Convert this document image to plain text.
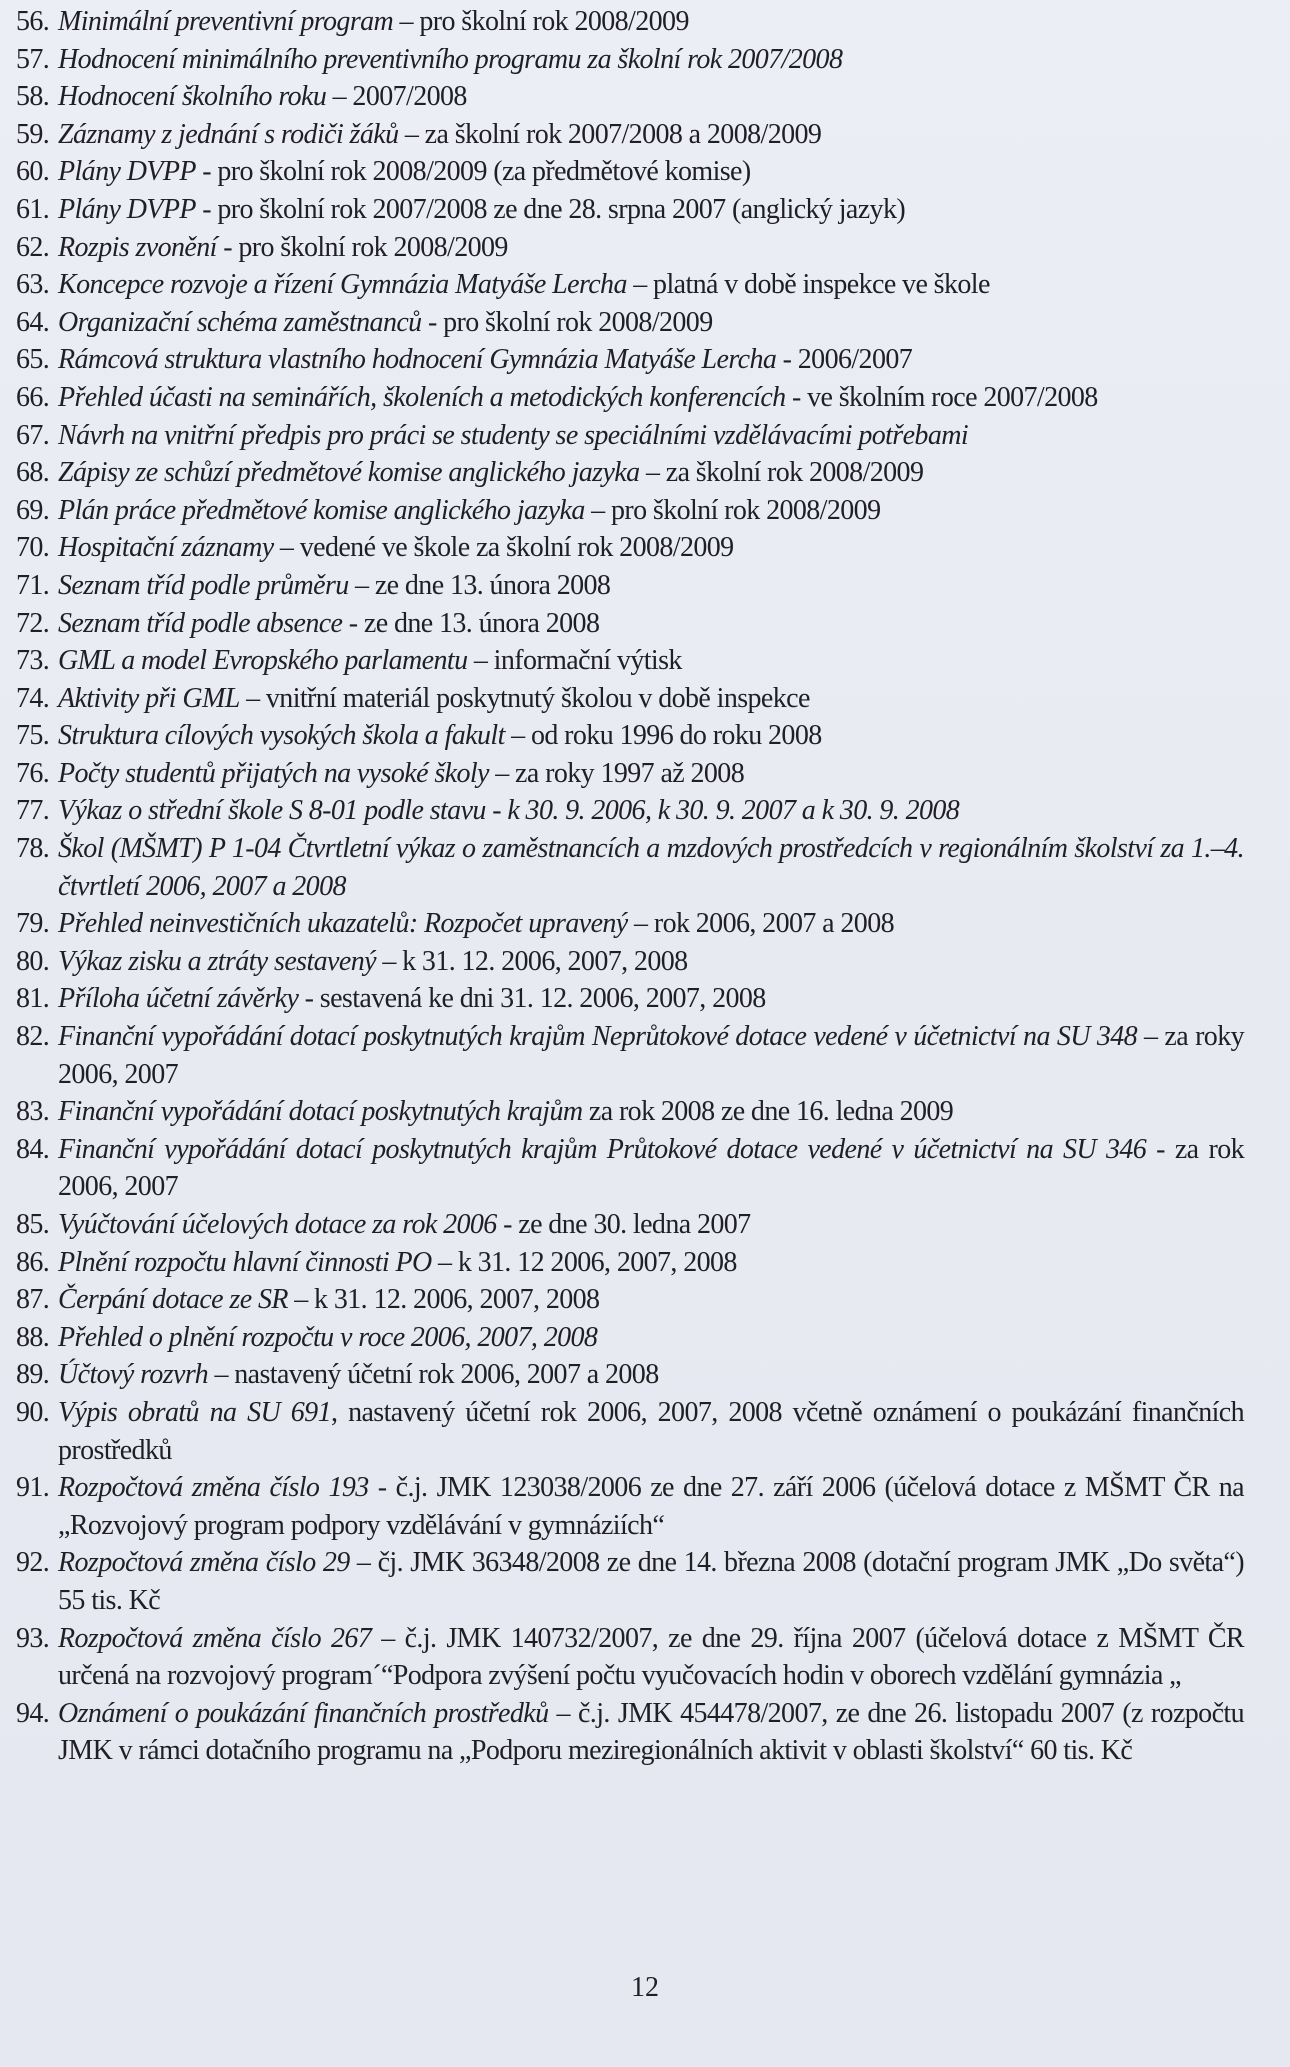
56. Minimální preventivní program – pro školní rok 2008/2009
57. Hodnocení minimálního preventivního programu za školní rok 2007/2008
58. Hodnocení školního roku – 2007/2008
59. Záznamy z jednání s rodiči žáků – za školní rok 2007/2008 a 2008/2009
60. Plány DVPP - pro školní rok 2008/2009 (za předmětové komise)
61. Plány DVPP - pro školní rok 2007/2008 ze dne 28. srpna 2007 (anglický jazyk)
62. Rozpis zvonění - pro školní rok 2008/2009
63. Koncepce rozvoje a řízení Gymnázia Matyáše Lercha – platná v době inspekce ve škole
64. Organizační schéma zaměstnanců - pro školní rok 2008/2009
65. Rámcová struktura vlastního hodnocení Gymnázia Matyáše Lercha - 2006/2007
66. Přehled účasti na seminářích, školeních a metodických konferencích - ve školním roce 2007/2008
67. Návrh na vnitřní předpis pro práci se studenty se speciálními vzdělávacími potřebami
68. Zápisy ze schůzí předmětové komise anglického jazyka – za školní rok 2008/2009
69. Plán práce předmětové komise anglického jazyka – pro školní rok 2008/2009
70. Hospitační záznamy – vedené ve škole za školní rok 2008/2009
71. Seznam tříd podle průměru – ze dne 13. února 2008
72. Seznam tříd podle absence - ze dne 13. února 2008
73. GML a model Evropského parlamentu – informační výtisk
74. Aktivity při GML – vnitřní materiál poskytnutý školou v době inspekce
75. Struktura cílových vysokých škola a fakult – od roku 1996 do roku 2008
76. Počty studentů přijatých na vysoké školy – za roky 1997 až 2008
77. Výkaz o střední škole S 8-01 podle stavu - k 30. 9. 2006, k 30. 9. 2007 a k 30. 9. 2008
78. Škol (MŠMT) P 1-04 Čtvrtletní výkaz o zaměstnancích a mzdových prostředcích v regionálním školství za 1.–4. čtvrtletí 2006, 2007 a 2008
79. Přehled neinvestičních ukazatelů: Rozpočet upravený – rok 2006, 2007 a 2008
80. Výkaz zisku a ztráty sestavený – k 31. 12. 2006, 2007, 2008
81. Příloha účetní závěrky - sestavená ke dni 31. 12. 2006, 2007, 2008
82. Finanční vypořádání dotací poskytnutých krajům Neprůtokové dotace vedené v účetnictví na SU 348 – za roky 2006, 2007
83. Finanční vypořádání dotací poskytnutých krajům za rok 2008 ze dne 16. ledna 2009
84. Finanční vypořádání dotací poskytnutých krajům Průtokové dotace vedené v účetnictví na SU 346 - za rok 2006, 2007
85. Vyúčtování účelových dotace za rok 2006 - ze dne 30. ledna 2007
86. Plnění rozpočtu hlavní činnosti PO – k 31. 12 2006, 2007, 2008
87. Čerpání dotace ze SR – k 31. 12. 2006, 2007, 2008
88. Přehled o plnění rozpočtu v roce 2006, 2007, 2008
89. Účtový rozvrh – nastavený účetní rok 2006, 2007 a 2008
90. Výpis obratů na SU 691, nastavený účetní rok 2006, 2007, 2008 včetně oznámení o poukázání finančních prostředků
91. Rozpočtová změna číslo 193 - č.j. JMK 123038/2006 ze dne 27. září 2006 (účelová dotace z MŠMT ČR na „Rozvojový program podpory vzdělávání v gymnáziích“
92. Rozpočtová změna číslo 29 – čj. JMK 36348/2008 ze dne 14. března 2008 (dotační program JMK „Do světa“) 55 tis. Kč
93. Rozpočtová změna číslo 267 – č.j. JMK 140732/2007, ze dne 29. října 2007 (účelová dotace z MŠMT ČR určená na rozvojový program´“Podpora zvýšení počtu vyučovacích hodin v oborech vzdělání gymnázia „
94. Oznámení o poukázání finančních prostředků – č.j. JMK 454478/2007, ze dne 26. listopadu 2007 (z rozpočtu JMK v rámci dotačního programu na „Podporu meziregionálních aktivit v oblasti školství“ 60 tis. Kč
12
